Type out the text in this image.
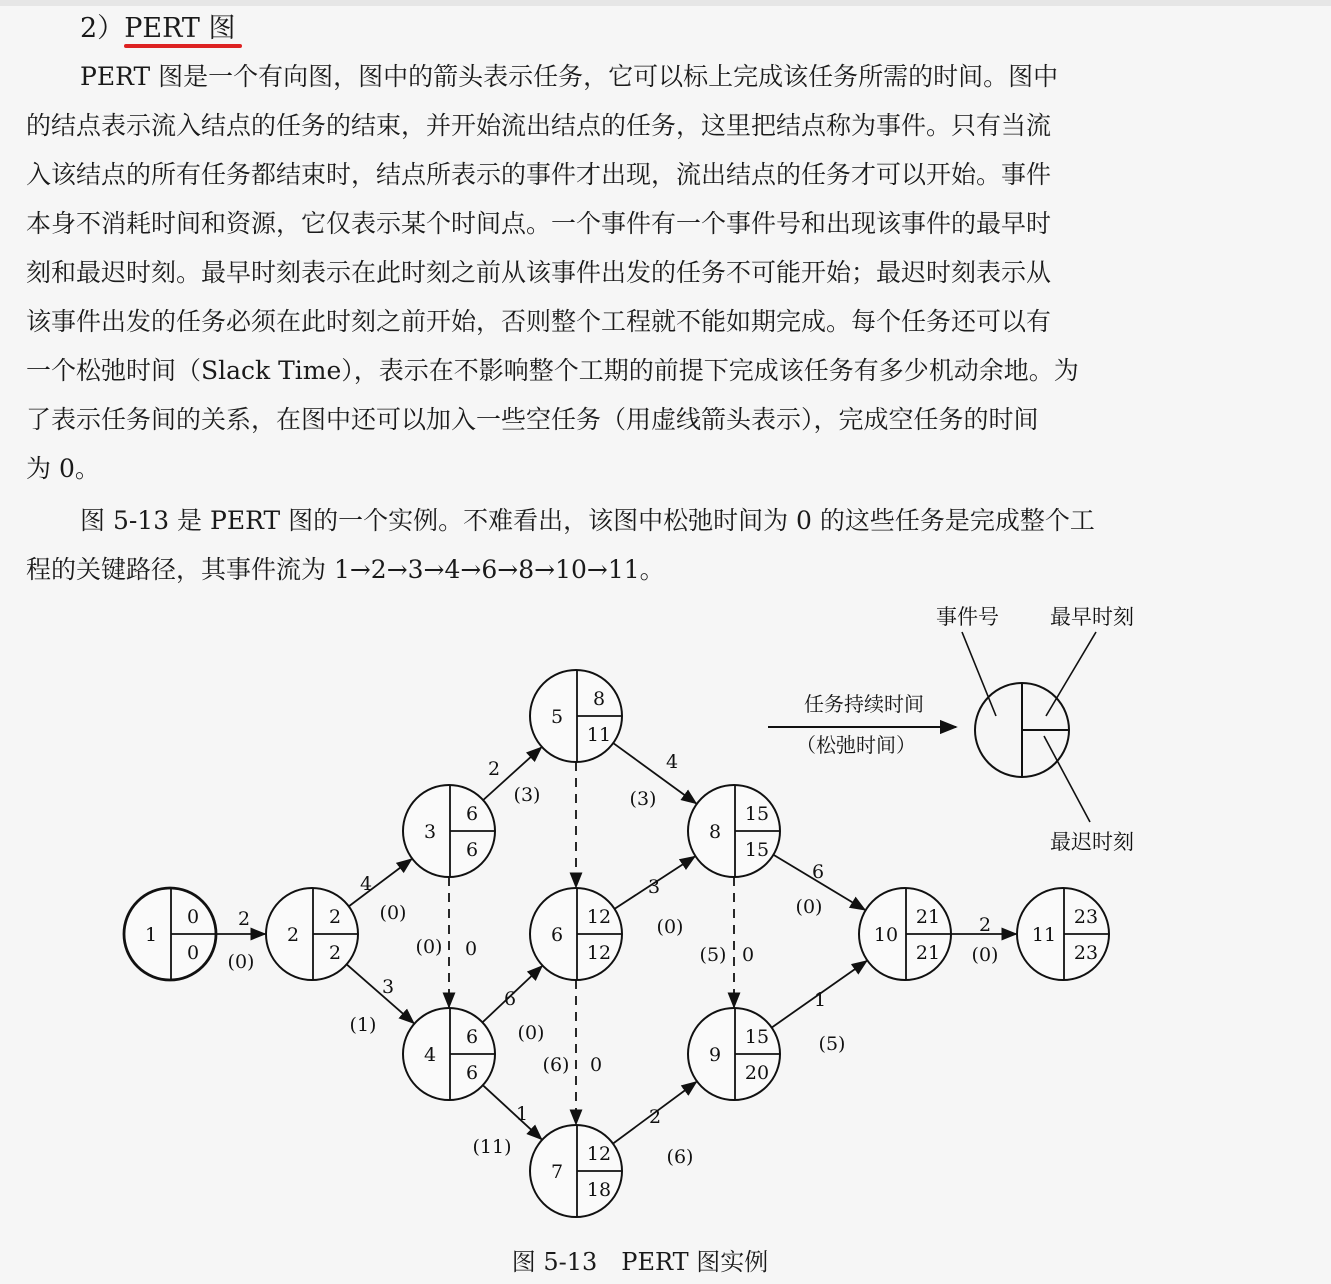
2）PERT 图

PERT 图是一个有向图，图中的箭头表示任务，它可以标上完成该任务所需的时间。图中
的结点表示流入结点的任务的结束，并开始流出结点的任务，这里把结点称为事件。只有当流
入该结点的所有任务都结束时，结点所表示的事件才出现，流出结点的任务才可以开始。事件
本身不消耗时间和资源，它仅表示某个时间点。一个事件有一个事件号和出现该事件的最早时
刻和最迟时刻。最早时刻表示在此时刻之前从该事件出发的任务不可能开始；最迟时刻表示从
该事件出发的任务必须在此时刻之前开始，否则整个工程就不能如期完成。每个任务还可以有
一个松弛时间（Slack Time），表示在不影响整个工期的前提下完成该任务有多少机动余地。为
了表示任务间的关系，在图中还可以加入一些空任务（用虚线箭头表示），完成空任务的时间
为 0。

图 5-13 是 PERT 图的一个实例。不难看出，该图中松弛时间为 0 的这些任务是完成整个工
程的关键路径，其事件流为 1→2→3→4→6→8→10→11。

2
(0)
4
(0)
3
(1)
2
(3)
0
(0)
6
(0)
1
(11)
4
(3)
3
(0)
0
(6)
2
(6)
6
(0)
0
(5)
1
(5)
2
(0)
1
0
0
2
2
2
3
6
6
4
6
6
5
8
11
6
12
12
7
12
18
8
15
15
9
15
20
10
21
21
11
23
23
事件号 最早时刻
最迟时刻
任务持续时间
（松弛时间）
图 5-13　PERT 图实例
